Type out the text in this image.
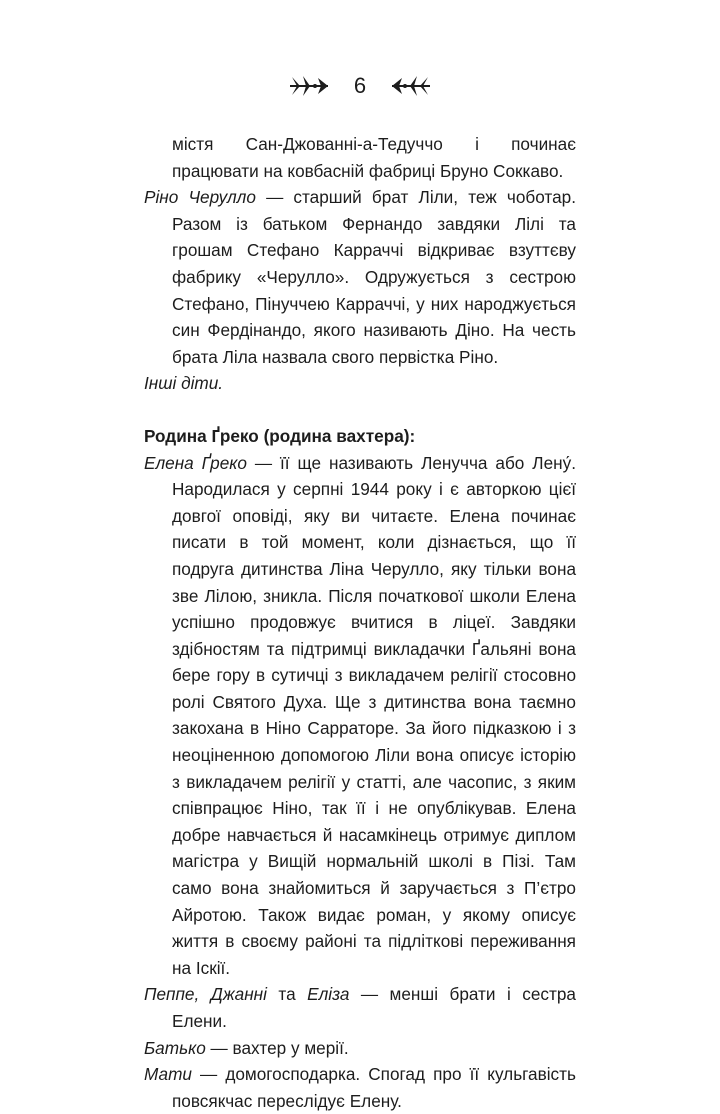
6
містя Сан-Джованні-а-Тедуччо і починає працювати на ковбасній фабриці Бруно Соккаво.
Ріно Черулло — старший брат Ліли, теж чоботар. Разом із батьком Фернандо завдяки Лілі та грошам Стефано Карраччі відкриває взуттєву фабрику «Черулло». Одружується з сестрою Стефано, Пінуччею Карраччі, у них народжується син Фердінандо, якого називають Діно. На честь брата Ліла назвала свого первістка Ріно.
Інші діти.
Родина Ґреко (родина вахтера):
Елена Ґреко — її ще називають Ленучча або Лену́. Народилася у серпні 1944 року і є авторкою цієї довгої оповіді, яку ви читаєте. Елена починає писати в той момент, коли дізнається, що її подруга дитинства Ліна Черулло, яку тільки вона зве Лілою, зникла. Після початкової школи Елена успішно продовжує вчитися в ліцеї. Завдяки здібностям та підтримці викладачки Ґальяні вона бере гору в сутичці з викладачем релігії стосовно ролі Святого Духа. Ще з дитинства вона таємно закохана в Ніно Сарраторе. За його підказкою і з неоціненною допомогою Ліли вона описує історію з викладачем релігії у статті, але часопис, з яким співпрацює Ніно, так її і не опублікував. Елена добре навчається й насамкінець отримує диплом магістра у Вищій нормальній школі в Пізі. Там само вона знайомиться й заручається з П’єтро Айротою. Також видає роман, у якому описує життя в своєму районі та підліткові переживання на Іскії.
Пеппе, Джанні та Еліза — менші брати і сестра Елени.
Батько — вахтер у мерії.
Мати — домогосподарка. Спогад про її кульгавість повсякчас переслідує Елену.
